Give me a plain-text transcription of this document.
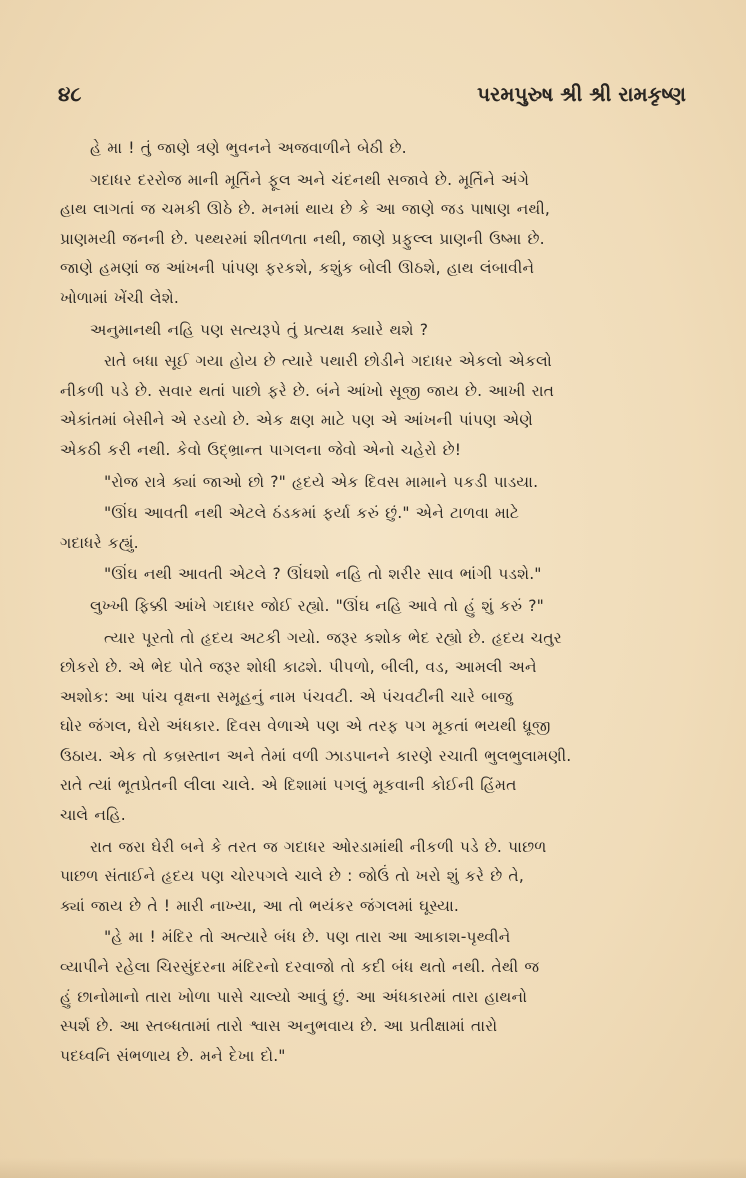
૪૮	પરમપુરુષ શ્રી શ્રી રામકૃષ્ણ

હે મા ! તું જાણે ત્રણે ભુવનને અજવાળીને બેઠી છે.

ગદાધર દરરોજ માની મૂર્તિને ફૂલ અને ચંદનથી સજાવે છે. મૂર્તિને અંગે
હાથ લાગતાં જ ચમકી ઊઠે છે. મનમાં થાય છે કે આ જાણે જડ પાષાણ નથી,
પ્રાણમયી જનની છે. પથ્થરમાં શીતળતા નથી, જાણે પ્રફુલ્લ પ્રાણની ઉષ્મા છે.
જાણે હમણાં જ આંખની પાંપણ ફરકશે, કશુંક બોલી ઊઠશે, હાથ લંબાવીને
ખોળામાં ખેંચી લેશે.

અનુમાનથી નહિ પણ સત્યરૂપે તું પ્રત્યક્ષ ક્યારે થશે ?

રાતે બધા સૂઈ ગયા હોય છે ત્યારે પથારી છોડીને ગદાધર એકલો એકલો
નીકળી પડે છે. સવાર થતાં પાછો ફરે છે. બંને આંખો સૂજી જાય છે. આખી રાત
એકાંતમાં બેસીને એ રડયો છે. એક ક્ષણ માટે પણ એ આંખની પાંપણ એણે
એકઠી કરી નથી. કેવો ઉદ્ભ્રાન્ત પાગલના જેવો એનો ચહેરો છે!

"રોજ રાત્રે ક્યાં જાઓ છો ?" હૃદયે એક દિવસ મામાને પકડી પાડયા.

"ઊંઘ આવતી નથી એટલે ઠંડકમાં ફર્યા કરું છું." એને ટાળવા માટે
ગદાધરે કહ્યું.

"ઊંઘ નથી આવતી એટલે ? ઊંઘશો નહિ તો શરીર સાવ ભાંગી પડશે."

લુખ્ખી ફિક્કી આંખે ગદાધર જોઈ રહ્યો. "ઊંઘ નહિ આવે તો હું શું કરું ?"

ત્યાર પૂરતો તો હૃદય અટકી ગયો. જરૂર કશોક ભેદ રહ્યો છે. હૃદય ચતુર
છોકરો છે. એ ભેદ પોતે જરૂર શોધી કાઢશે. પીપળો, બીલી, વડ, આમલી અને
અશોક: આ પાંચ વૃક્ષના સમૂહનું નામ પંચવટી. એ પંચવટીની ચારે બાજુ
ઘોર જંગલ, ઘેરો અંધકાર. દિવસ વેળાએ પણ એ તરફ પગ મૂકતાં ભયથી ધ્રૂજી
ઉઠાય. એક તો કબ્રસ્તાન અને તેમાં વળી ઝાડપાનને કારણે રચાતી ભુલભુલામણી.
રાતે ત્યાં ભૂતપ્રેતની લીલા ચાલે. એ દિશામાં પગલું મૂકવાની કોઈની હિંમત
ચાલે નહિ.

રાત જરા ઘેરી બને કે તરત જ ગદાધર ઓરડામાંથી નીકળી પડે છે. પાછળ
પાછળ સંતાઈને હૃદય પણ ચોરપગલે ચાલે છે : જોઉં તો ખરો શું કરે છે તે,
ક્યાં જાય છે તે ! મારી નાખ્યા, આ તો ભયંકર જંગલમાં ઘૂસ્યા.

"હે મા ! મંદિર તો અત્યારે બંધ છે. પણ તારા આ આકાશ-પૃથ્વીને
વ્યાપીને રહેલા ચિરસુંદરના મંદિરનો દરવાજો તો કદી બંધ થતો નથી. તેથી જ
હું છાનોમાનો તારા ખોળા પાસે ચાલ્યો આવું છું. આ અંધકારમાં તારા હાથનો
સ્પર્શ છે. આ સ્તબ્ધતામાં તારો શ્વાસ અનુભવાય છે. આ પ્રતીક્ષામાં તારો
પદધ્વનિ સંભળાય છે. મને દેખા દો."
